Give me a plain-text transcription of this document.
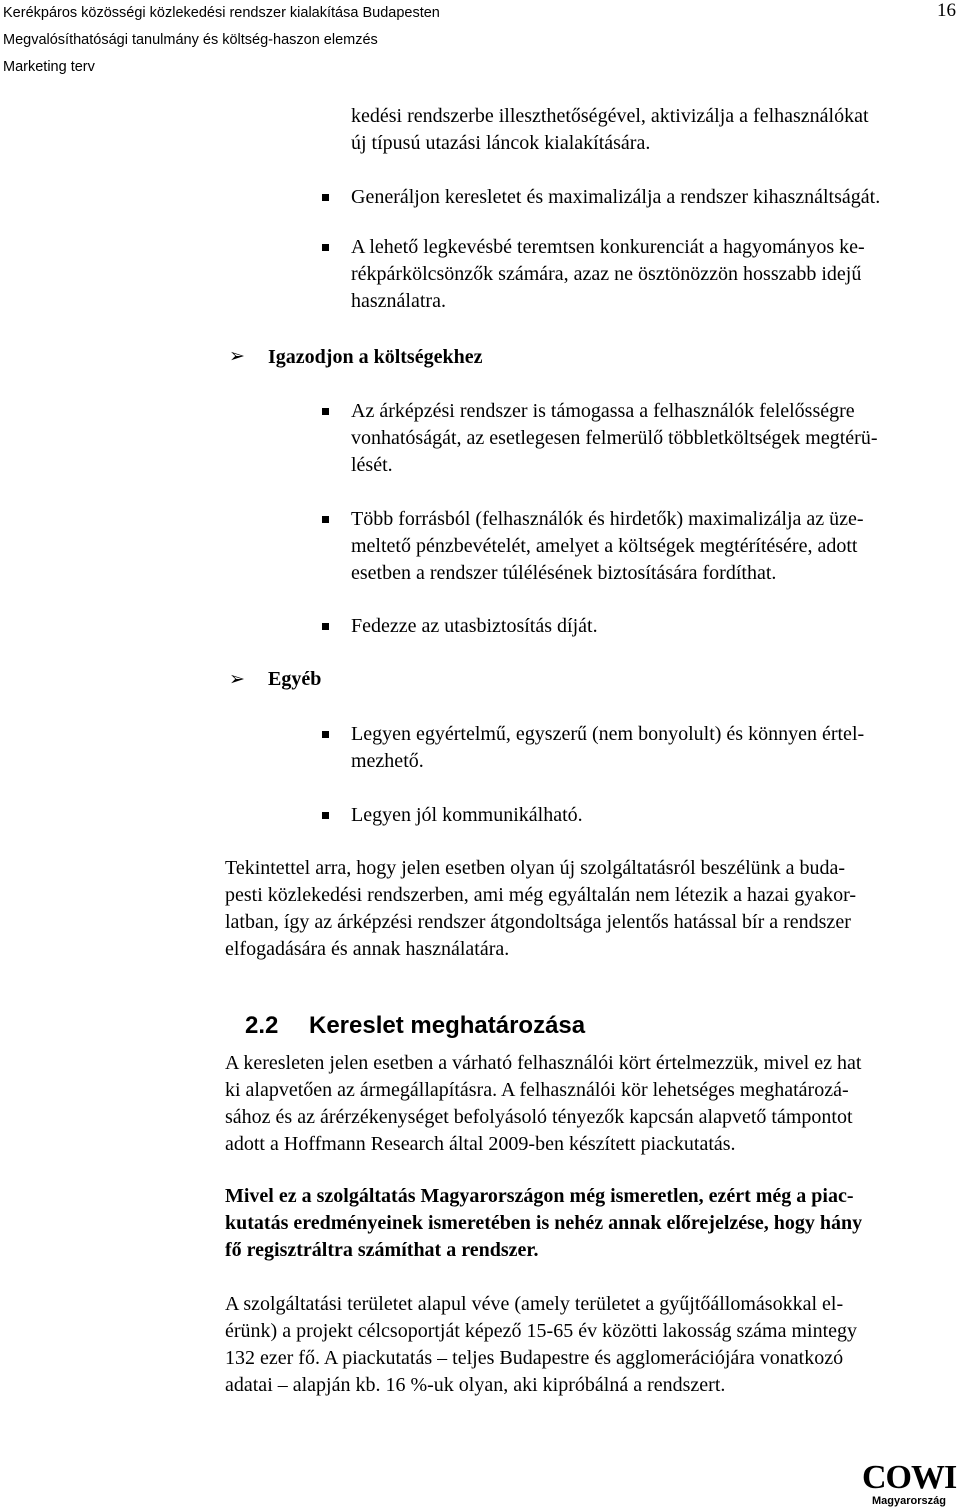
Kerékpáros közösségi közlekedési rendszer kialakítása Budapesten
Megvalósíthatósági tanulmány és költség-haszon elemzés
Marketing terv
16

kedési rendszerbe illeszthetőségével, aktivizálja a felhasználókat

új típusú utazási láncok kialakítására.

Generáljon keresletet és maximalizálja a rendszer kihasználtságát.

A lehető legkevésbé teremtsen konkurenciát a hagyományos ke-

rékpárkölcsönzők számára, azaz ne ösztönözzön hosszabb idejű

használatra.

➢ Igazodjon a költségekhez

Az árképzési rendszer is támogassa a felhasználók felelősségre

vonhatóságát, az esetlegesen felmerülő többletköltségek megtérü-

lését.

Több forrásból (felhasználók és hirdetők) maximalizálja az üze-

meltető pénzbevételét, amelyet a költségek megtérítésére, adott

esetben a rendszer túlélésének biztosítására fordíthat.

Fedezze az utasbiztosítás díját.

➢ Egyéb

Legyen egyértelmű, egyszerű (nem bonyolult) és könnyen értel-

mezhető.

Legyen jól kommunikálható.

Tekintettel arra, hogy jelen esetben olyan új szolgáltatásról beszélünk a buda-

pesti közlekedési rendszerben, ami még egyáltalán nem létezik a hazai gyakor-

latban, így az árképzési rendszer átgondoltsága jelentős hatással bír a rendszer

elfogadására és annak használatára.

2.2 Kereslet meghatározása

A keresleten jelen esetben a várható felhasználói kört értelmezzük, mivel ez hat

ki alapvetően az ármegállapításra. A felhasználói kör lehetséges meghatározá-

sához és az árérzékenységet befolyásoló tényezők kapcsán alapvető támpontot

adott a Hoffmann Research által 2009-ben készített piackutatás.

Mivel ez a szolgáltatás Magyarországon még ismeretlen, ezért még a piac-

kutatás eredményeinek ismeretében is nehéz annak előrejelzése, hogy hány

fő regisztráltra számíthat a rendszer.

A szolgáltatási területet alapul véve (amely területet a gyűjtőállomásokkal el-

érünk) a projekt célcsoportját képező 15-65 év közötti lakosság száma mintegy

132 ezer fő. A piackutatás – teljes Budapestre és agglomerációjára vonatkozó

adatai – alapján kb. 16 %-uk olyan, aki kipróbálná a rendszert.

COWI
Magyarország
